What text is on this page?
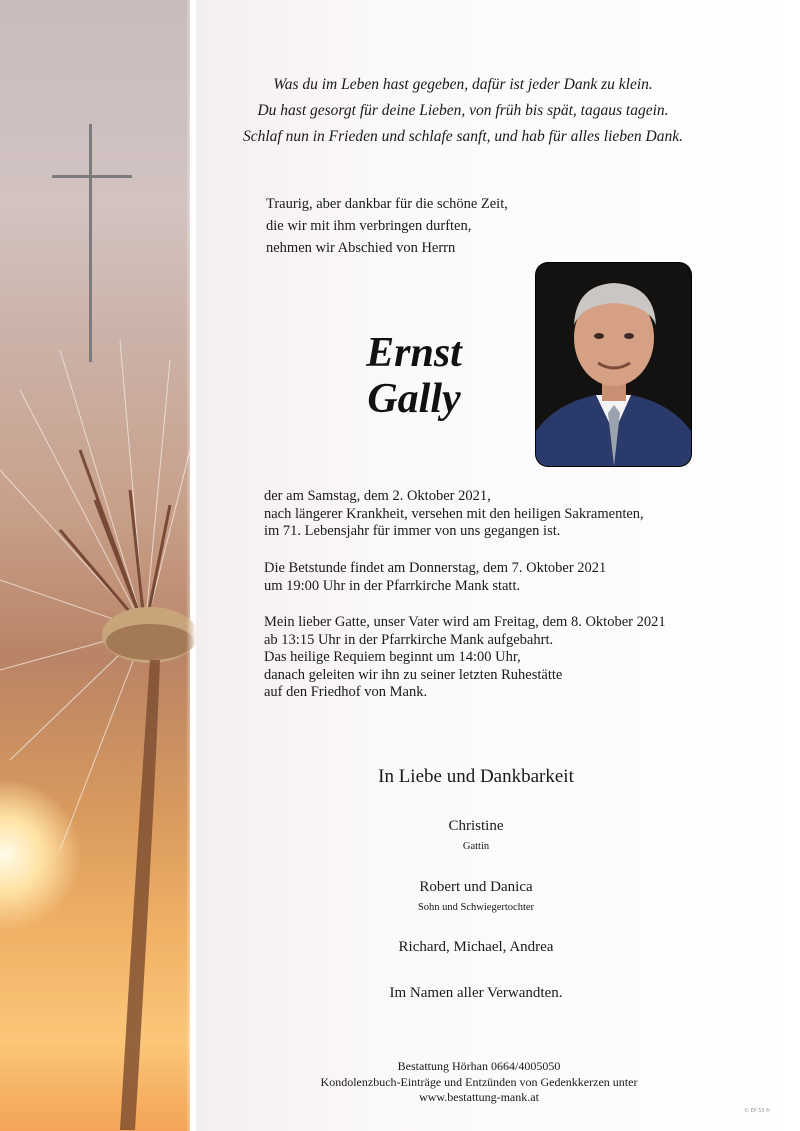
Was du im Leben hast gegeben, dafür ist jeder Dank zu klein.
Du hast gesorgt für deine Lieben, von früh bis spät, tagaus tagein.
Schlaf nun in Frieden und schlafe sanft, und hab für alles lieben Dank.
Traurig, aber dankbar für die schöne Zeit,
die wir mit ihm verbringen durften,
nehmen wir Abschied von Herrn
Ernst
Gally
der am Samstag, dem 2. Oktober 2021,
nach längerer Krankheit, versehen mit den heiligen Sakramenten,
im 71. Lebensjahr für immer von uns gegangen ist.
Die Betstunde findet am Donnerstag, dem 7. Oktober 2021
um 19:00 Uhr in der Pfarrkirche Mank statt.
Mein lieber Gatte, unser Vater wird am Freitag, dem 8. Oktober 2021
ab 13:15 Uhr in der Pfarrkirche Mank aufgebahrt.
Das heilige Requiem beginnt um 14:00 Uhr,
danach geleiten wir ihn zu seiner letzten Ruhestätte
auf den Friedhof von Mank.
In Liebe und Dankbarkeit
Christine
Gattin
Robert und Danica
Sohn und Schwiegertochter
Richard, Michael, Andrea
Im Namen aller Verwandten.
Bestattung Hörhan 0664/4005050
Kondolenzbuch-Einträge und Entzünden von Gedenkkerzen unter
www.bestattung-mank.at
© EP 55 fr
